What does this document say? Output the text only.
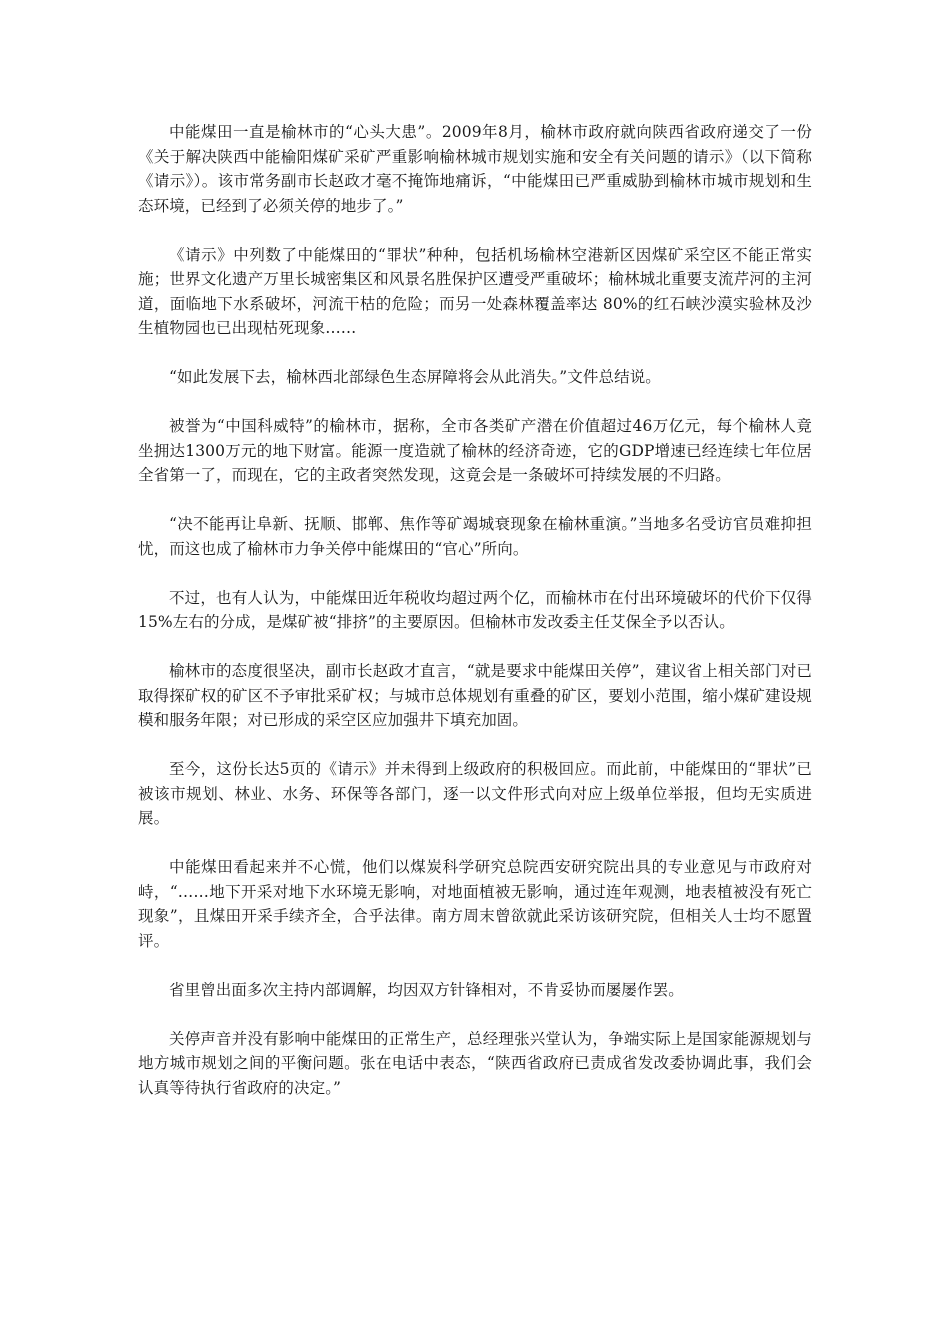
中能煤田一直是榆林市的“心头大患”。2009年8月，榆林市政府就向陕西省政府递交了一份《关于解决陕西中能榆阳煤矿采矿严重影响榆林城市规划实施和安全有关问题的请示》（以下简称《请示》）。该市常务副市长赵政才毫不掩饰地痛诉，“中能煤田已严重威胁到榆林市城市规划和生态环境，已经到了必须关停的地步了。”

《请示》中列数了中能煤田的“罪状”种种，包括机场榆林空港新区因煤矿采空区不能正常实施；世界文化遗产万里长城密集区和风景名胜保护区遭受严重破坏；榆林城北重要支流芹河的主河道，面临地下水系破坏，河流干枯的危险；而另一处森林覆盖率达 80%的红石峡沙漠实验林及沙生植物园也已出现枯死现象……

“如此发展下去，榆林西北部绿色生态屏障将会从此消失。”文件总结说。

被誉为“中国科威特”的榆林市，据称，全市各类矿产潜在价值超过46万亿元，每个榆林人竟坐拥达1300万元的地下财富。能源一度造就了榆林的经济奇迹，它的GDP增速已经连续七年位居全省第一了，而现在，它的主政者突然发现，这竟会是一条破坏可持续发展的不归路。

“决不能再让阜新、抚顺、邯郸、焦作等矿竭城衰现象在榆林重演。”当地多名受访官员难抑担忧，而这也成了榆林市力争关停中能煤田的“官心”所向。

不过，也有人认为，中能煤田近年税收均超过两个亿，而榆林市在付出环境破坏的代价下仅得15%左右的分成，是煤矿被“排挤”的主要原因。但榆林市发改委主任艾保全予以否认。

榆林市的态度很坚决，副市长赵政才直言，“就是要求中能煤田关停”，建议省上相关部门对已取得探矿权的矿区不予审批采矿权；与城市总体规划有重叠的矿区，要划小范围，缩小煤矿建设规模和服务年限；对已形成的采空区应加强井下填充加固。

至今，这份长达5页的《请示》并未得到上级政府的积极回应。而此前，中能煤田的“罪状”已被该市规划、林业、水务、环保等各部门，逐一以文件形式向对应上级单位举报，但均无实质进展。

中能煤田看起来并不心慌，他们以煤炭科学研究总院西安研究院出具的专业意见与市政府对峙，“……地下开采对地下水环境无影响，对地面植被无影响，通过连年观测，地表植被没有死亡现象”，且煤田开采手续齐全，合乎法律。南方周末曾欲就此采访该研究院，但相关人士均不愿置评。

省里曾出面多次主持内部调解，均因双方针锋相对，不肯妥协而屡屡作罢。

关停声音并没有影响中能煤田的正常生产，总经理张兴堂认为，争端实际上是国家能源规划与地方城市规划之间的平衡问题。张在电话中表态，“陕西省政府已责成省发改委协调此事，我们会认真等待执行省政府的决定。”
